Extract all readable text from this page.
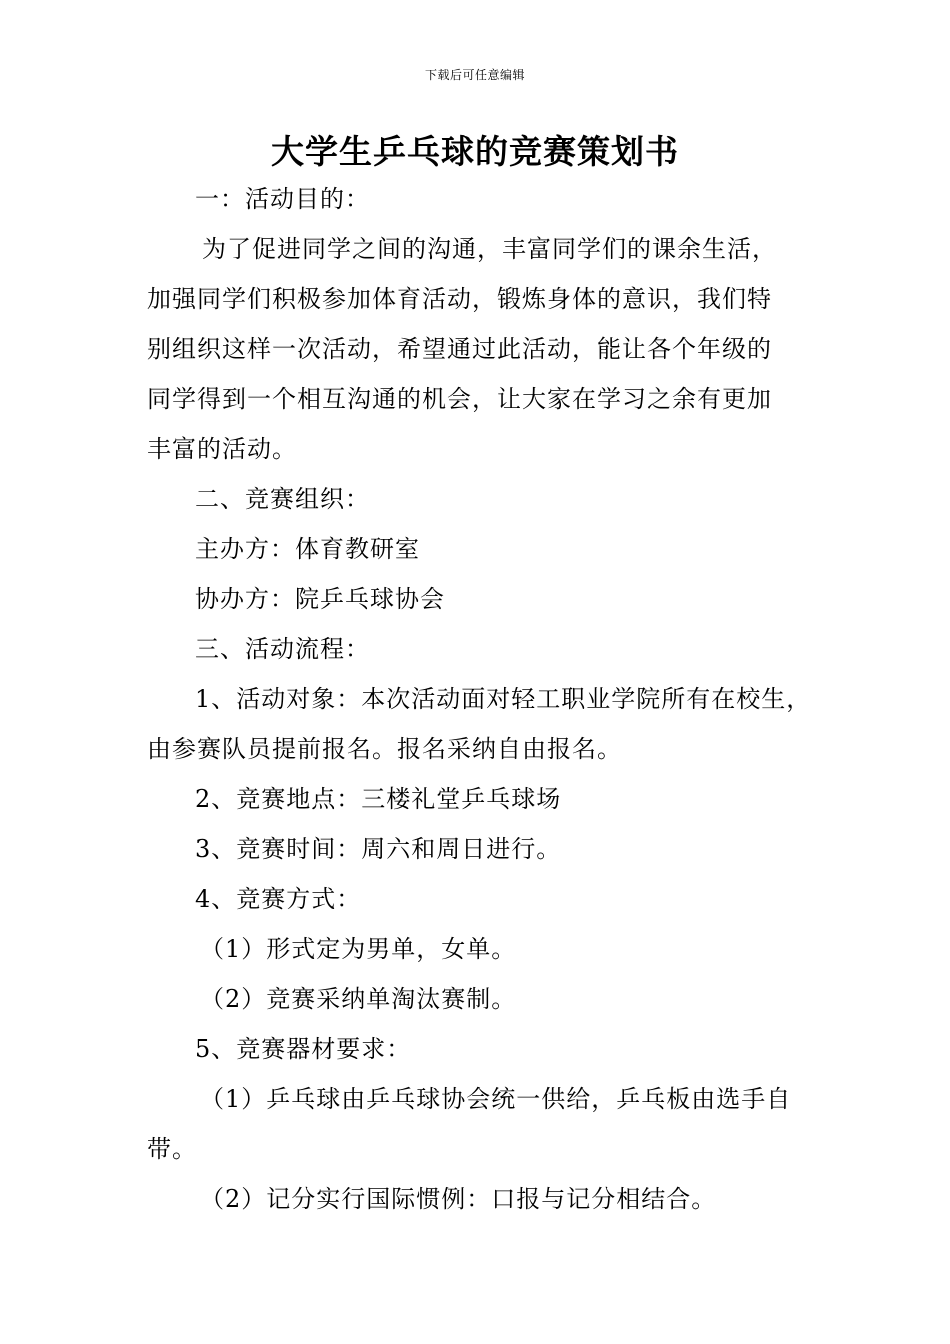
下载后可任意编辑
大学生乒乓球的竞赛策划书
一：活动目的：
为了促进同学之间的沟通，丰富同学们的课余生活，
加强同学们积极参加体育活动，锻炼身体的意识，我们特
别组织这样一次活动，希望通过此活动，能让各个年级的
同学得到一个相互沟通的机会，让大家在学习之余有更加
丰富的活动。
二、竞赛组织：
主办方：体育教研室
协办方：院乒乓球协会
三、活动流程：
1、活动对象：本次活动面对轻工职业学院所有在校生，
由参赛队员提前报名。报名采纳自由报名。
2、竞赛地点：三楼礼堂乒乓球场
3、竞赛时间：周六和周日进行。
4、竞赛方式：
（1）形式定为男单，女单。
（2）竞赛采纳单淘汰赛制。
5、竞赛器材要求：
（1）乒乓球由乒乓球协会统一供给，乒乓板由选手自
带。
（2）记分实行国际惯例：口报与记分相结合。
